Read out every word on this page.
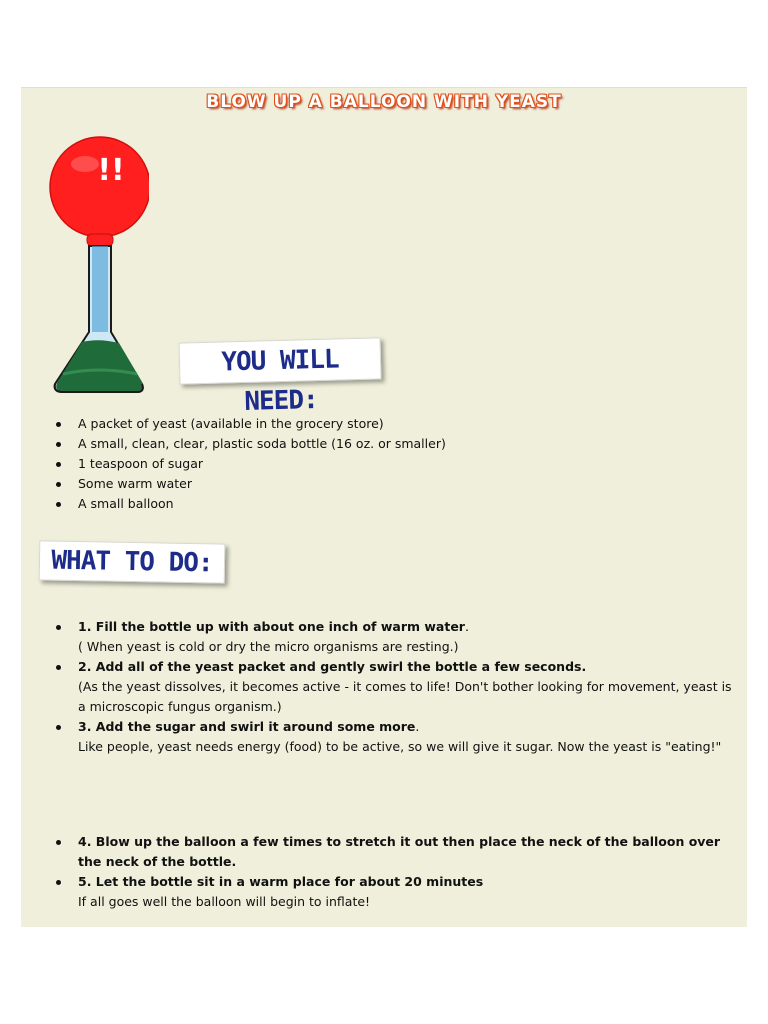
BLOW UP A BALLOON WITH YEAST
!!
YOU WILL NEED:
A packet of yeast (available in the grocery store)
A small, clean, clear, plastic soda bottle (16 oz. or smaller)
1 teaspoon of sugar
Some warm water
A small balloon
WHAT TO DO:
1. Fill the bottle up with about one inch of warm water.
( When yeast is cold or dry the micro organisms are resting.)
2. Add all of the yeast packet and gently swirl the bottle a few seconds.
(As the yeast dissolves, it becomes active - it comes to life! Don't bother looking for movement, yeast is a microscopic fungus organism.)
3. Add the sugar and swirl it around some more.
Like people, yeast needs energy (food) to be active, so we will give it sugar. Now the yeast is "eating!"
4. Blow up the balloon a few times to stretch it out then place the neck of the balloon over the neck of the bottle.
5. Let the bottle sit in a warm place for about 20 minutes
If all goes well the balloon will begin to inflate!
